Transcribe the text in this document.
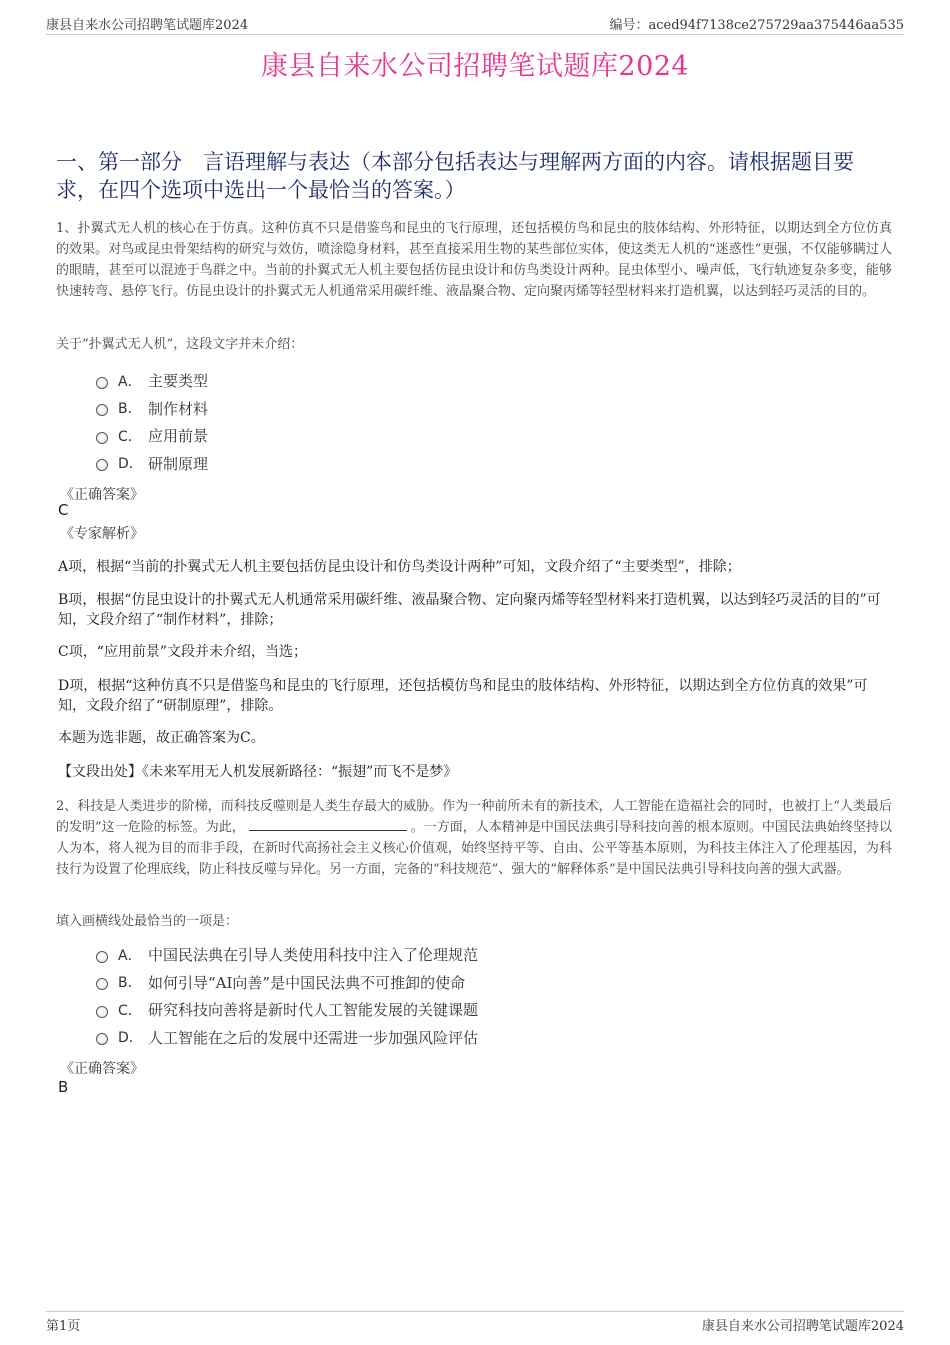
康县自来水公司招聘笔试题库2024	编号：aced94f7138ce275729aa375446aa535
康县自来水公司招聘笔试题库2024
一、第一部分　言语理解与表达（本部分包括表达与理解两方面的内容。请根据题目要求，在四个选项中选出一个最恰当的答案。）
1、扑翼式无人机的核心在于仿真。这种仿真不只是借鉴鸟和昆虫的飞行原理，还包括模仿鸟和昆虫的肢体结构、外形特征，以期达到全方位仿真的效果。对鸟或昆虫骨架结构的研究与效仿，喷涂隐身材料，甚至直接采用生物的某些部位实体，使这类无人机的“迷惑性”更强，不仅能够瞒过人的眼睛，甚至可以混迹于鸟群之中。当前的扑翼式无人机主要包括仿昆虫设计和仿鸟类设计两种。昆虫体型小、噪声低，飞行轨迹复杂多变，能够快速转弯、悬停飞行。仿昆虫设计的扑翼式无人机通常采用碳纤维、液晶聚合物、定向聚丙烯等轻型材料来打造机翼，以达到轻巧灵活的目的。
关于“扑翼式无人机”，这段文字并未介绍：
A． 主要类型
B． 制作材料
C． 应用前景
D． 研制原理
《正确答案》
C
《专家解析》
A项，根据“当前的扑翼式无人机主要包括仿昆虫设计和仿鸟类设计两种”可知，文段介绍了“主要类型”，排除；
B项，根据“仿昆虫设计的扑翼式无人机通常采用碳纤维、液晶聚合物、定向聚丙烯等轻型材料来打造机翼，以达到轻巧灵活的目的”可知，文段介绍了“制作材料”，排除；
C项，“应用前景”文段并未介绍，当选；
D项，根据“这种仿真不只是借鉴鸟和昆虫的飞行原理，还包括模仿鸟和昆虫的肢体结构、外形特征，以期达到全方位仿真的效果”可知，文段介绍了“研制原理”，排除。
本题为选非题，故正确答案为C。
【文段出处】《未来军用无人机发展新路径：“振翅”而飞不是梦》
2、科技是人类进步的阶梯，而科技反噬则是人类生存最大的威胁。作为一种前所未有的新技术，人工智能在造福社会的同时，也被打上“人类最后的发明”这一危险的标签。为此，	。一方面，人本精神是中国民法典引导科技向善的根本原则。中国民法典始终坚持以人为本，将人视为目的而非手段，在新时代高扬社会主义核心价值观，始终坚持平等、自由、公平等基本原则，为科技主体注入了伦理基因，为科技行为设置了伦理底线，防止科技反噬与异化。另一方面，完备的“科技规范”、强大的“解释体系”是中国民法典引导科技向善的强大武器。
填入画横线处最恰当的一项是：
A． 中国民法典在引导人类使用科技中注入了伦理规范
B． 如何引导“AI向善”是中国民法典不可推卸的使命
C． 研究科技向善将是新时代人工智能发展的关键课题
D． 人工智能在之后的发展中还需进一步加强风险评估
《正确答案》
B
第1页	康县自来水公司招聘笔试题库2024
